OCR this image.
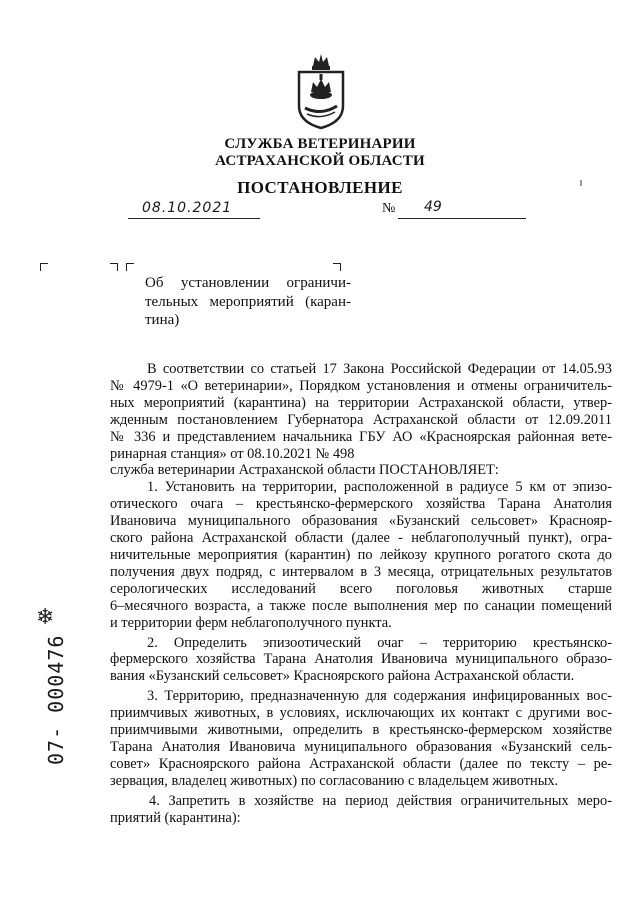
СЛУЖБА ВЕТЕРИНАРИИ
АСТРАХАНСКОЙ ОБЛАСТИ
ПОСТАНОВЛЕНИЕ
08.10.2021	№ 49
Об установлении ограничи-
тельных мероприятий (каран-
тина)
В соответствии со статьей 17 Закона Российской Федерации от 14.05.93
№ 4979-1 «О ветеринарии», Порядком установления и отмены ограничитель-
ных мероприятий (карантина) на территории Астраханской области, утвер-
жденным постановлением Губернатора Астраханской области от 12.09.2011
№ 336 и представлением начальника ГБУ АО «Красноярская районная вете-
ринарная станция» от 08.10.2021 № 498
служба ветеринарии Астраханской области ПОСТАНОВЛЯЕТ:
1. Установить на территории, расположенной в радиусе 5 км от эпизо-
отического очага – крестьянско-фермерского хозяйства Тарана Анатолия
Ивановича муниципального образования «Бузанский сельсовет» Краснояр-
ского района Астраханской области (далее - неблагополучный пункт), огра-
ничительные мероприятия (карантин) по лейкозу крупного рогатого скота до
получения двух подряд, с интервалом в 3 месяца, отрицательных результатов
серологических исследований всего поголовья животных старше
6–месячного возраста, а также после выполнения мер по санации помещений
и территории ферм неблагополучного пункта.
2. Определить эпизоотический очаг – территорию крестьянско-
фермерского хозяйства Тарана Анатолия Ивановича муниципального образо-
вания «Бузанский сельсовет» Красноярского района Астраханской области.
3. Территорию, предназначенную для содержания инфицированных вос-
приимчивых животных, в условиях, исключающих их контакт с другими вос-
приимчивыми животными, определить в крестьянско-фермерском хозяйстве
Тарана Анатолия Ивановича муниципального образования «Бузанский сель-
совет» Красноярского района Астраханской области (далее по тексту – ре-
зервация, владелец животных) по согласованию с владельцем животных.
4. Запретить в хозяйстве на период действия ограничительных меро-
приятий (карантина):
❄
07- 000476
